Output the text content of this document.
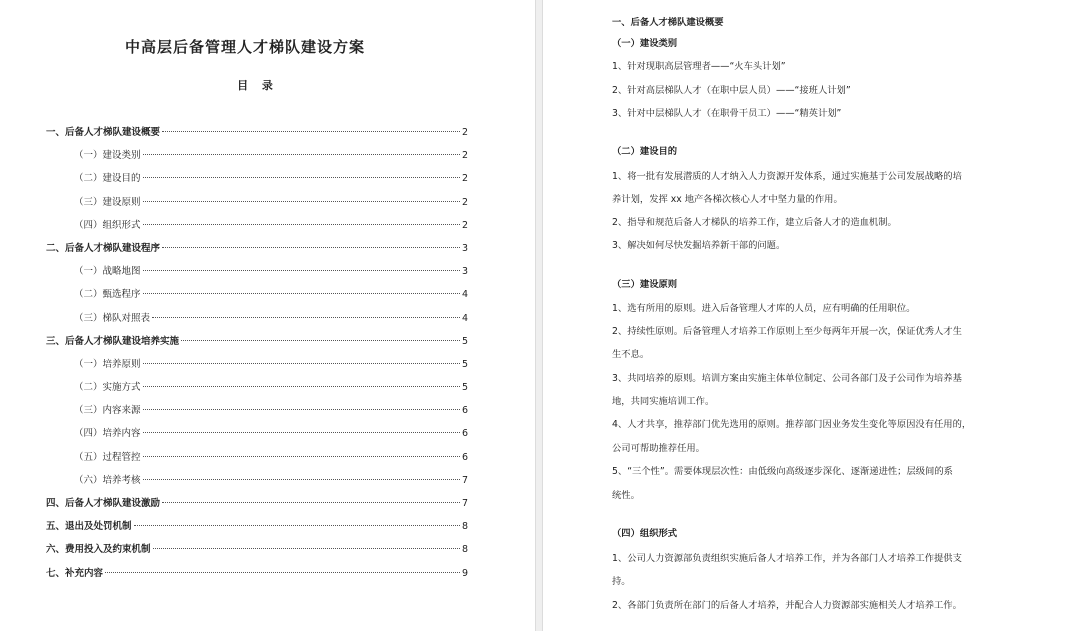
中高层后备管理人才梯队建设方案
目 录
一、后备人才梯队建设概要	2
（一）建设类别	2
（二）建设目的	2
（三）建设原则	2
（四）组织形式	2
二、后备人才梯队建设程序	3
（一）战略地图	3
（二）甄选程序	4
（三）梯队对照表	4
三、后备人才梯队建设培养实施	5
（一）培养原则	5
（二）实施方式	5
（三）内容来源	6
（四）培养内容	6
（五）过程管控	6
（六）培养考核	7
四、后备人才梯队建设激励	7
五、退出及处罚机制	8
六、费用投入及约束机制	8
七、补充内容	9
一、后备人才梯队建设概要
（一）建设类别
1、针对现职高层管理者——“火车头计划”
2、针对高层梯队人才（在职中层人员）——“接班人计划”
3、针对中层梯队人才（在职骨干员工）——“精英计划”
（二）建设目的
1、将一批有发展潜质的人才纳入人力资源开发体系，通过实施基于公司发展战略的培
养计划，发挥 xx 地产各梯次核心人才中坚力量的作用。
2、指导和规范后备人才梯队的培养工作，建立后备人才的造血机制。
3、解决如何尽快发掘培养新干部的问题。
（三）建设原则
1、选有所用的原则。进入后备管理人才库的人员，应有明确的任用职位。
2、持续性原则。后备管理人才培养工作原则上至少每两年开展一次，保证优秀人才生
生不息。
3、共同培养的原则。培训方案由实施主体单位制定、公司各部门及子公司作为培养基
地，共同实施培训工作。
4、人才共享，推荐部门优先选用的原则。推荐部门因业务发生变化等原因没有任用的，
公司可帮助推荐任用。
5、“三个性”。需要体现层次性：由低级向高级逐步深化、逐渐递进性；层级间的系
统性。
（四）组织形式
1、公司人力资源部负责组织实施后备人才培养工作，并为各部门人才培养工作提供支
持。
2、各部门负责所在部门的后备人才培养，并配合人力资源部实施相关人才培养工作。
